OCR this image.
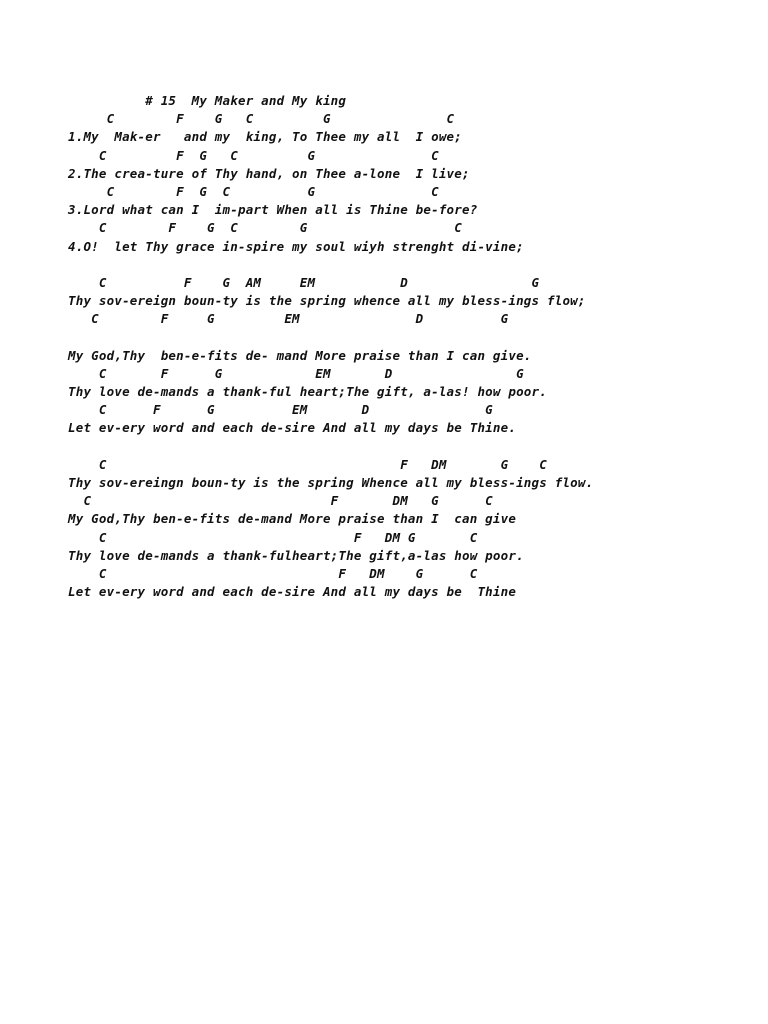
# 15  My Maker and My king
C        F    G   C         G               C
1.My  Mak-er   and my  king, To Thee my all  I owe;
C         F  G   C         G               C
2.The crea-ture of Thy hand, on Thee a-lone  I live;
C        F  G  C          G               C
3.Lord what can I  im-part When all is Thine be-fore?
C        F    G  C        G                   C
4.O!  let Thy grace in-spire my soul wiyh strenght di-vine;
C          F    G  AM     EM           D                G
Thy sov-ereign boun-ty is the spring whence all my bless-ings flow;
C        F     G         EM               D          G
My God,Thy  ben-e-fits de- mand More praise than I can give.
C       F      G            EM       D                G
Thy love de-mands a thank-ful heart;The gift, a-las! how poor.
C      F      G          EM       D               G
Let ev-ery word and each de-sire And all my days be Thine.
C                                      F   DM       G    C
Thy sov-ereingn boun-ty is the spring Whence all my bless-ings flow.
C                               F       DM   G      C
My God,Thy ben-e-fits de-mand More praise than I  can give
C                                F   DM G       C
Thy love de-mands a thank-fulheart;The gift,a-las how poor.
C                              F   DM    G      C
Let ev-ery word and each de-sire And all my days be  Thine
